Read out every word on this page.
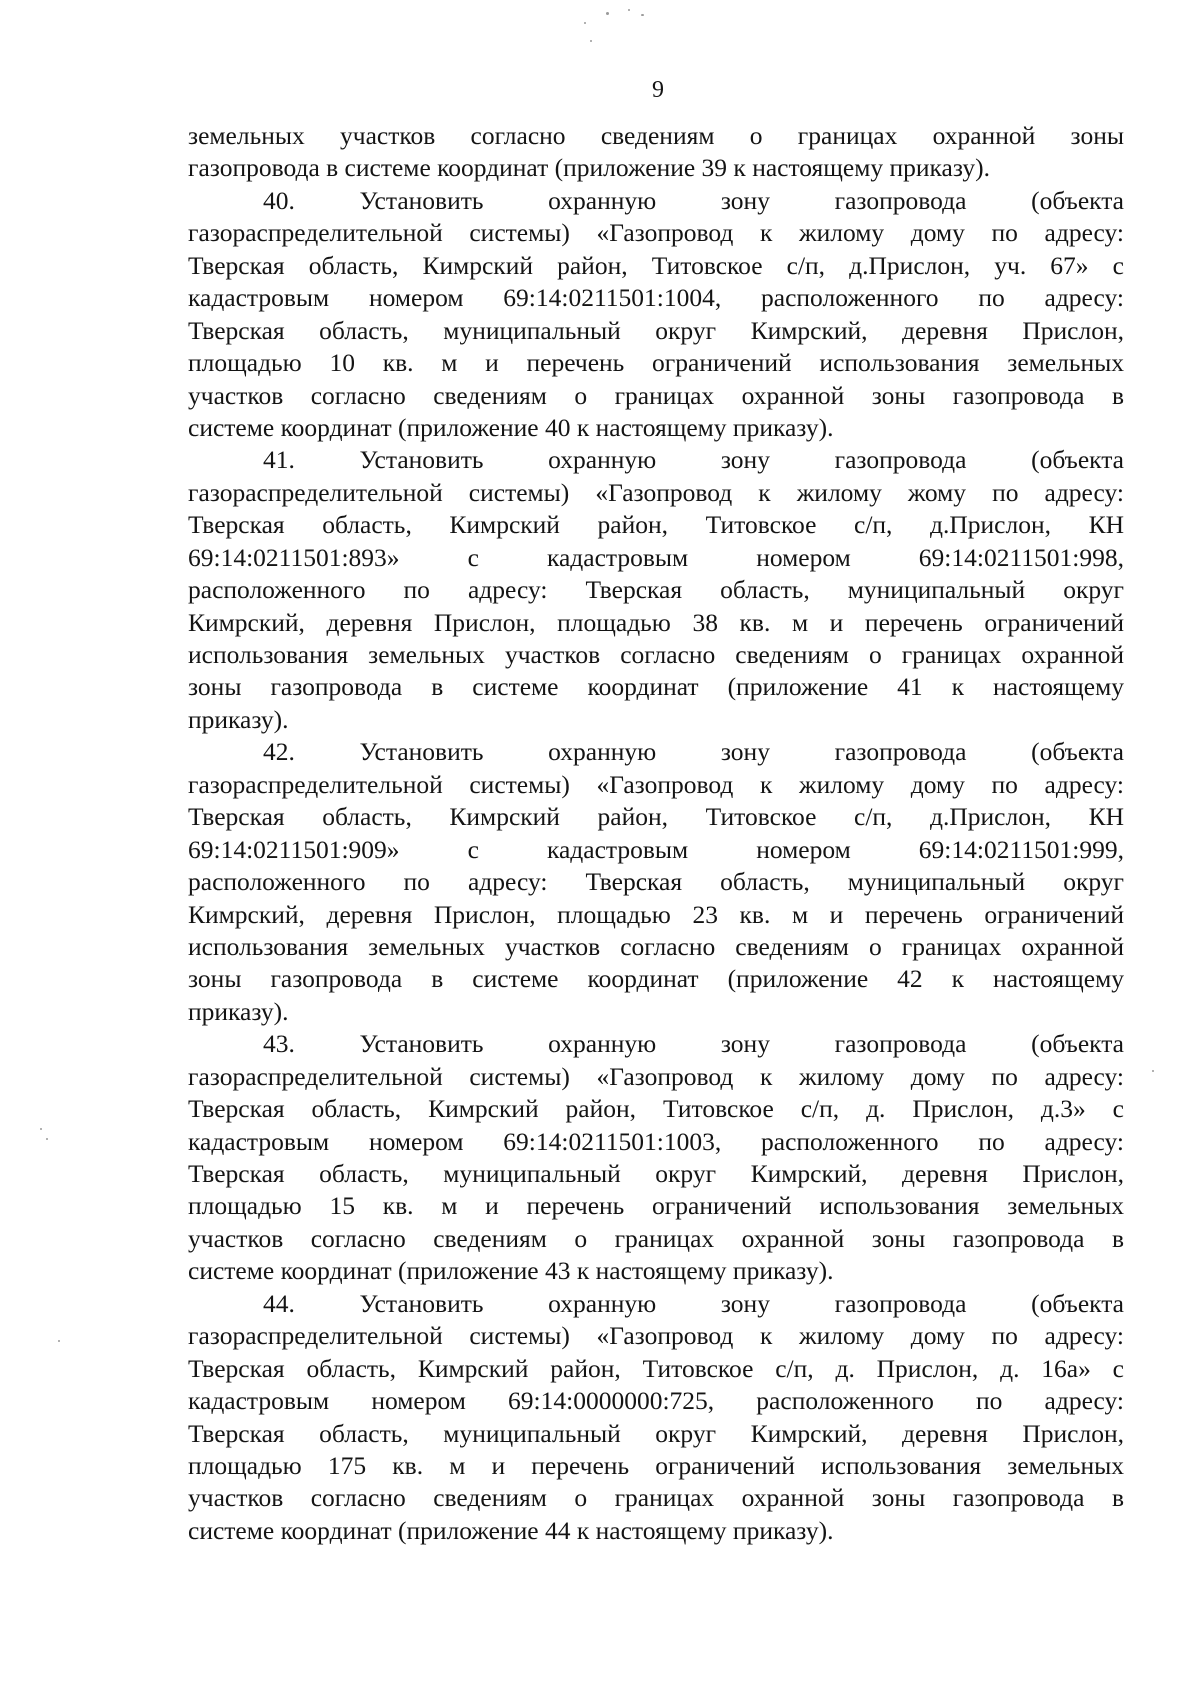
9
земельных участков согласно сведениям о границах охранной зоны
газопровода в системе координат (приложение 39 к настоящему приказу).
40. Установить охранную зону газопровода (объекта
газораспределительной системы) «Газопровод к жилому дому по адресу:
Тверская область, Кимрский район, Титовское с/п, д.Прислон, уч. 67» с
кадастровым номером 69:14:0211501:1004, расположенного по адресу:
Тверская область, муниципальный округ Кимрский, деревня Прислон,
площадью 10 кв. м и перечень ограничений использования земельных
участков согласно сведениям о границах охранной зоны газопровода в
системе координат (приложение 40 к настоящему приказу).
41. Установить охранную зону газопровода (объекта
газораспределительной системы) «Газопровод к жилому жому по адресу:
Тверская область, Кимрский район, Титовское с/п, д.Прислон, КН
69:14:0211501:893» с кадастровым номером 69:14:0211501:998,
расположенного по адресу: Тверская область, муниципальный округ
Кимрский, деревня Прислон, площадью 38 кв. м и перечень ограничений
использования земельных участков согласно сведениям о границах охранной
зоны газопровода в системе координат (приложение 41 к настоящему
приказу).
42. Установить охранную зону газопровода (объекта
газораспределительной системы) «Газопровод к жилому дому по адресу:
Тверская область, Кимрский район, Титовское с/п, д.Прислон, КН
69:14:0211501:909» с кадастровым номером 69:14:0211501:999,
расположенного по адресу: Тверская область, муниципальный округ
Кимрский, деревня Прислон, площадью 23 кв. м и перечень ограничений
использования земельных участков согласно сведениям о границах охранной
зоны газопровода в системе координат (приложение 42 к настоящему
приказу).
43. Установить охранную зону газопровода (объекта
газораспределительной системы) «Газопровод к жилому дому по адресу:
Тверская область, Кимрский район, Титовское с/п, д. Прислон, д.3» с
кадастровым номером 69:14:0211501:1003, расположенного по адресу:
Тверская область, муниципальный округ Кимрский, деревня Прислон,
площадью 15 кв. м и перечень ограничений использования земельных
участков согласно сведениям о границах охранной зоны газопровода в
системе координат (приложение 43 к настоящему приказу).
44. Установить охранную зону газопровода (объекта
газораспределительной системы) «Газопровод к жилому дому по адресу:
Тверская область, Кимрский район, Титовское с/п, д. Прислон, д. 16а» с
кадастровым номером 69:14:0000000:725, расположенного по адресу:
Тверская область, муниципальный округ Кимрский, деревня Прислон,
площадью 175 кв. м и перечень ограничений использования земельных
участков согласно сведениям о границах охранной зоны газопровода в
системе координат (приложение 44 к настоящему приказу).
